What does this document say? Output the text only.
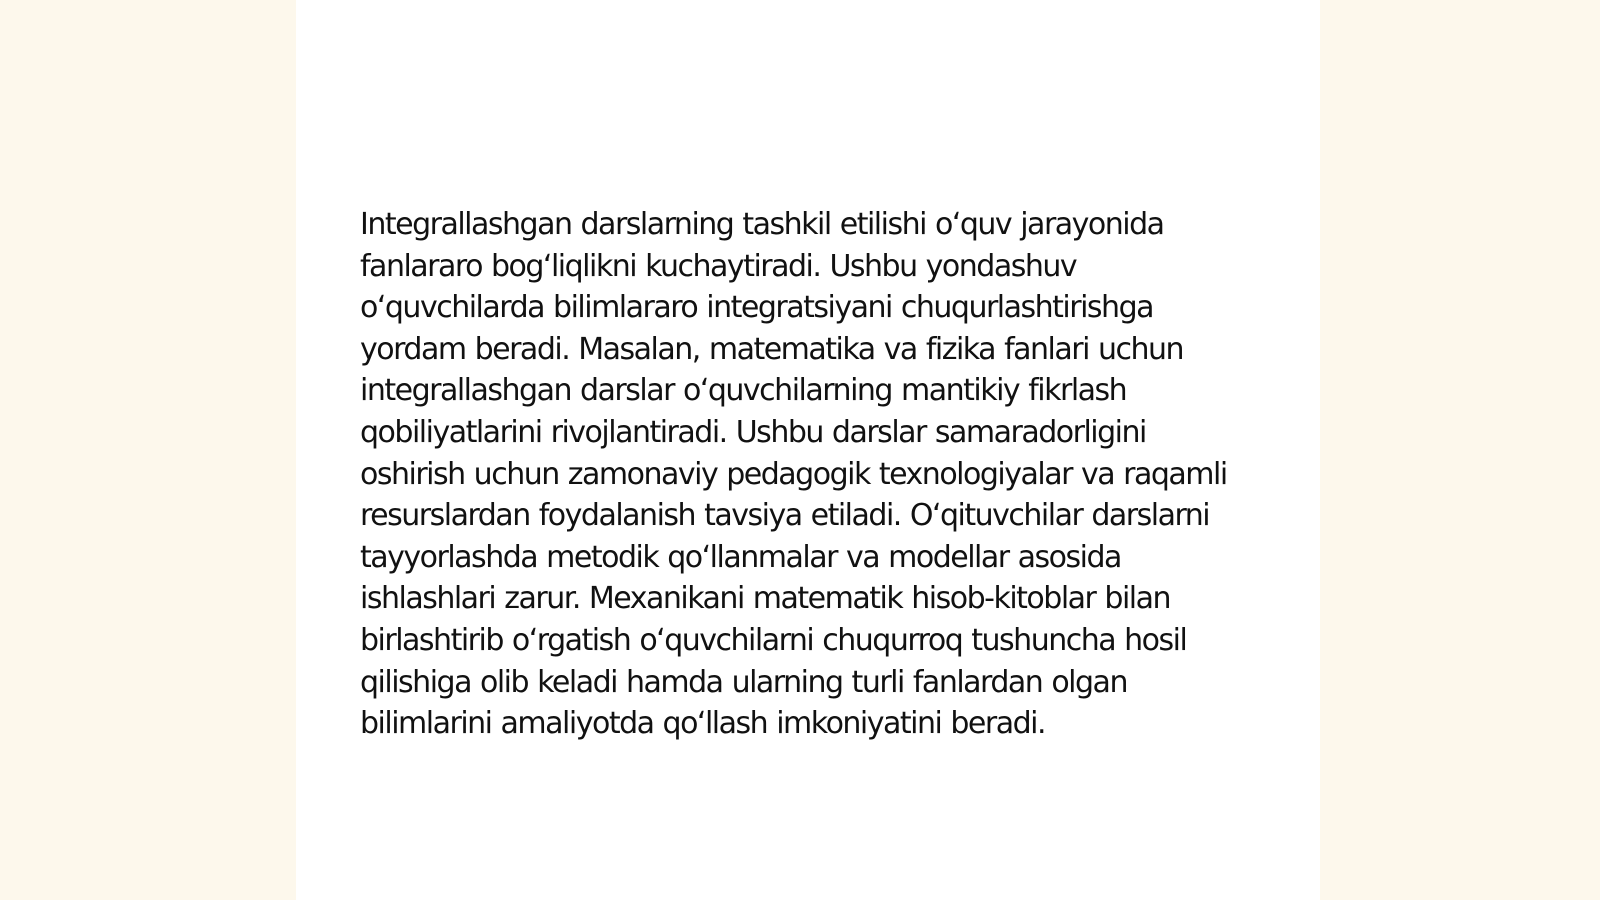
Integrallashgan darslarning tashkil etilishi oʻquv jarayonida fanlararo bogʻliqlikni kuchaytiradi. Ushbu yondashuv oʻquvchilarda bilimlararo integratsiyani chuqurlashtirishga yordam beradi. Masalan, matematika va fizika fanlari uchun integrallashgan darslar oʻquvchilarning mantikiy fikrlash qobiliyatlarini rivojlantiradi. Ushbu darslar samaradorligini oshirish uchun zamonaviy pedagogik texnologiyalar va raqamli resurslardan foydalanish tavsiya etiladi. Oʻqituvchilar darslarni tayyorlashda metodik qoʻllanmalar va modellar asosida ishlashlari zarur. Mexanikani matematik hisob-kitoblar bilan birlashtirib oʻrgatish oʻquvchilarni chuqurroq tushuncha hosil qilishiga olib keladi hamda ularning turli fanlardan olgan bilimlarini amaliyotda qoʻllash imkoniyatini beradi.
